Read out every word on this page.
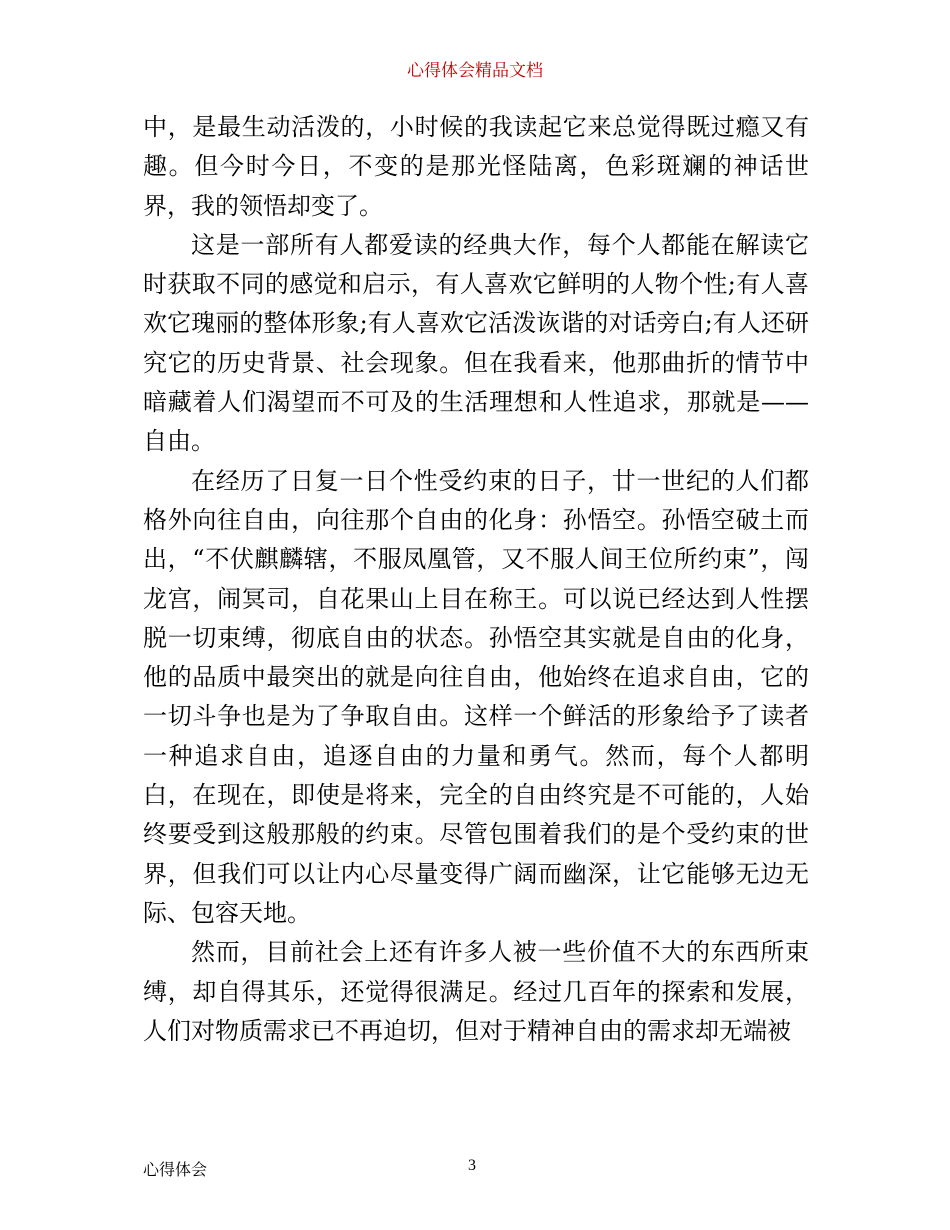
心得体会精品文档

中，是最生动活泼的，小时候的我读起它来总觉得既过瘾又有趣。但今时今日，不变的是那光怪陆离，色彩斑斓的神话世界，我的领悟却变了。

这是一部所有人都爱读的经典大作，每个人都能在解读它时获取不同的感觉和启示，有人喜欢它鲜明的人物个性;有人喜欢它瑰丽的整体形象;有人喜欢它活泼诙谐的对话旁白;有人还研究它的历史背景、社会现象。但在我看来，他那曲折的情节中暗藏着人们渴望而不可及的生活理想和人性追求，那就是——自由。

在经历了日复一日个性受约束的日子，廿一世纪的人们都格外向往自由，向往那个自由的化身：孙悟空。孙悟空破土而出，“不伏麒麟辖，不服凤凰管，又不服人间王位所约束”，闯龙宫，闹冥司，自花果山上目在称王。可以说已经达到人性摆脱一切束缚，彻底自由的状态。孙悟空其实就是自由的化身，他的品质中最突出的就是向往自由，他始终在追求自由，它的一切斗争也是为了争取自由。这样一个鲜活的形象给予了读者一种追求自由，追逐自由的力量和勇气。然而，每个人都明白，在现在，即使是将来，完全的自由终究是不可能的，人始终要受到这般那般的约束。尽管包围着我们的是个受约束的世界，但我们可以让内心尽量变得广阔而幽深，让它能够无边无际、包容天地。

然而，目前社会上还有许多人被一些价值不大的东西所束缚，却自得其乐，还觉得很满足。经过几百年的探索和发展，人们对物质需求已不再迫切，但对于精神自由的需求却无端被

心得体会	3
